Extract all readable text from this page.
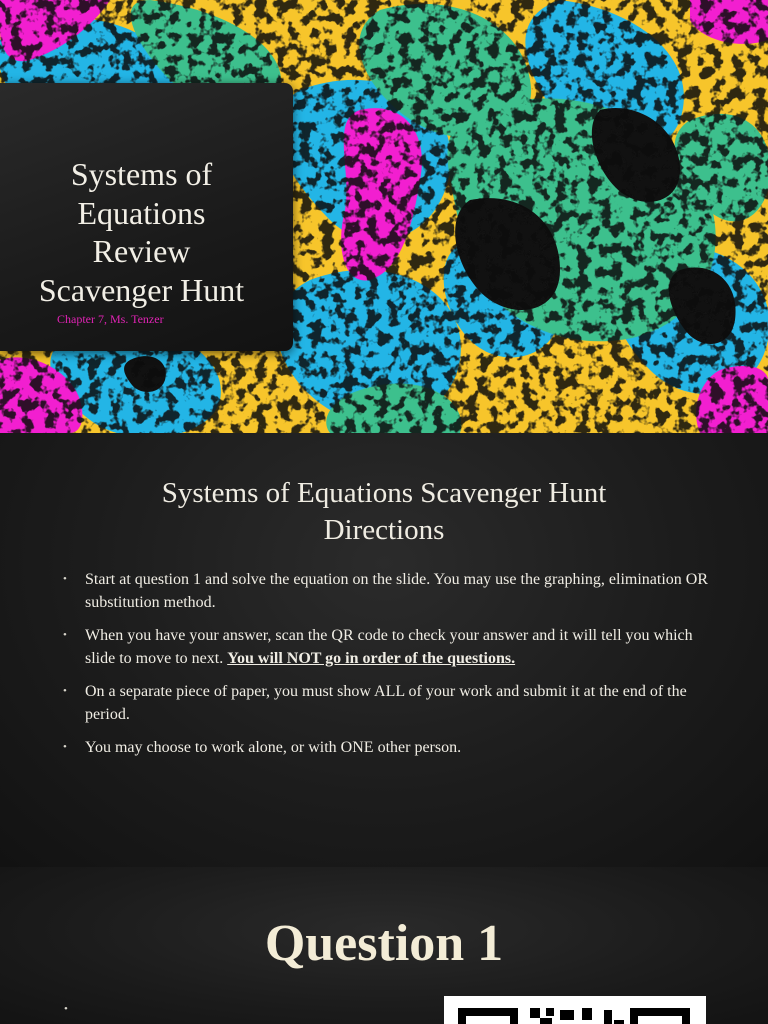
Systems of
Equations
Review
Scavenger Hunt
Chapter 7, Ms. Tenzer
Systems of Equations Scavenger Hunt
Directions
• Start at question 1 and solve the equation on the slide. You may use the graphing, elimination OR substitution method.
• When you have your answer, scan the QR code to check your answer and it will tell you which slide to move to next. You will NOT go in order of the questions.
• On a separate piece of paper, you must show ALL of your work and submit it at the end of the period.
• You may choose to work alone, or with ONE other person.
Question 1
•
